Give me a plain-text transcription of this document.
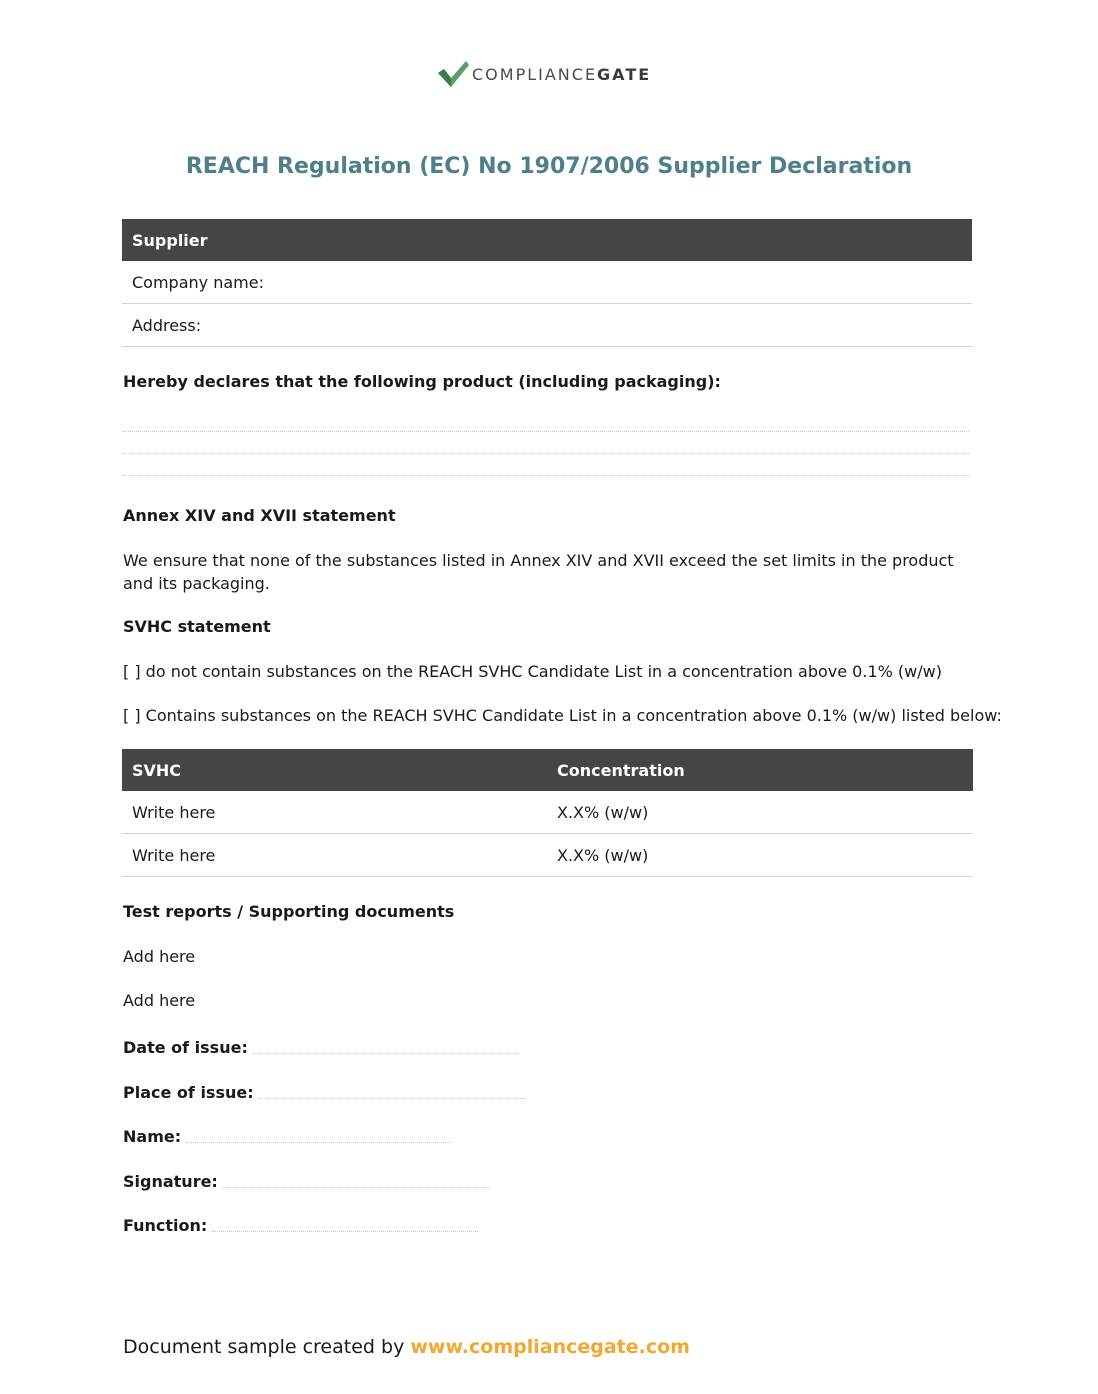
COMPLIANCEGATE
REACH Regulation (EC) No 1907/2006 Supplier Declaration
Supplier
Company name:
Address:
Hereby declares that the following product (including packaging):
Annex XIV and XVII statement
We ensure that none of the substances listed in Annex XIV and XVII exceed the set limits in the product and its packaging.
SVHC statement
[ ] do not contain substances on the REACH SVHC Candidate List in a concentration above 0.1% (w/w)
[ ] Contains substances on the REACH SVHC Candidate List in a concentration above 0.1% (w/w) listed below:
SVHC	Concentration
Write here	X.X% (w/w)
Write here	X.X% (w/w)
Test reports / Supporting documents
Add here
Add here
Date of issue:
Place of issue:
Name:
Signature:
Function:
Document sample created by www.compliancegate.com
